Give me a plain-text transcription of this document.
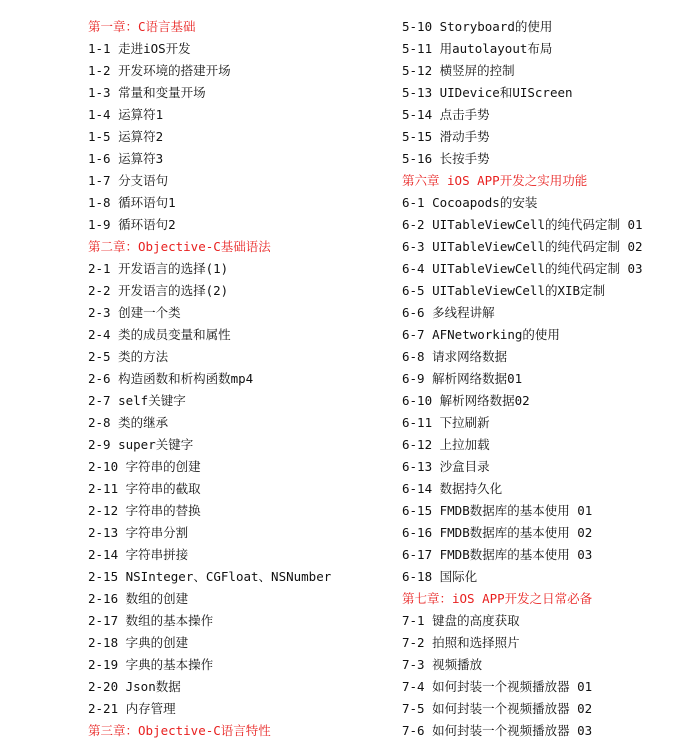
第一章：C语言基础
1-1 走进iOS开发
1-2 开发环境的搭建开场
1-3 常量和变量开场
1-4 运算符1
1-5 运算符2
1-6 运算符3
1-7 分支语句
1-8 循环语句1
1-9 循环语句2
第二章：Objective-C基础语法
2-1 开发语言的选择(1)
2-2 开发语言的选择(2)
2-3 创建一个类
2-4 类的成员变量和属性
2-5 类的方法
2-6 构造函数和析构函数mp4
2-7 self关键字
2-8 类的继承
2-9 super关键字
2-10 字符串的创建
2-11 字符串的截取
2-12 字符串的替换
2-13 字符串分割
2-14 字符串拼接
2-15 NSInteger、CGFloat、NSNumber
2-16 数组的创建
2-17 数组的基本操作
2-18 字典的创建
2-19 字典的基本操作
2-20 Json数据
2-21 内存管理
第三章：Objective-C语言特性
5-10 Storyboard的使用
5-11 用autolayout布局
5-12 横竖屏的控制
5-13 UIDevice和UIScreen
5-14 点击手势
5-15 滑动手势
5-16 长按手势
第六章 iOS APP开发之实用功能
6-1 Cocoapods的安装
6-2 UITableViewCell的纯代码定制 01
6-3 UITableViewCell的纯代码定制 02
6-4 UITableViewCell的纯代码定制 03
6-5 UITableViewCell的XIB定制
6-6 多线程讲解
6-7 AFNetworking的使用
6-8 请求网络数据
6-9 解析网络数据01
6-10 解析网络数据02
6-11 下拉刷新
6-12 上拉加载
6-13 沙盒目录
6-14 数据持久化
6-15 FMDB数据库的基本使用 01
6-16 FMDB数据库的基本使用 02
6-17 FMDB数据库的基本使用 03
6-18 国际化
第七章：iOS APP开发之日常必备
7-1 键盘的高度获取
7-2 拍照和选择照片
7-3 视频播放
7-4 如何封装一个视频播放器 01
7-5 如何封装一个视频播放器 02
7-6 如何封装一个视频播放器 03
